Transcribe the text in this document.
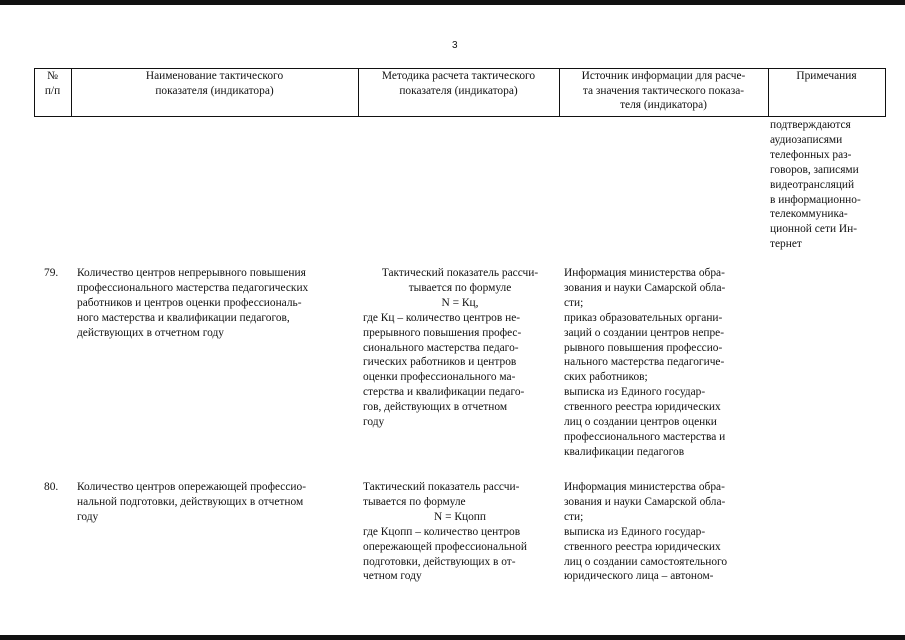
3
№
п/п
Наименование тактического
показателя (индикатора)
Методика расчета тактического
показателя (индикатора)
Источник информации для расче-
та значения тактического показа-
теля (индикатора)
Примечания
подтверждаются
аудиозаписями
телефонных раз-
говоров, записями
видеотрансляций
в информационно-
телекоммуника-
ционной сети Ин-
тернет
79. Количество центров непрерывного повышения
профессионального мастерства педагогических
работников и центров оценки профессиональ-
ного мастерства и квалификации педагогов,
действующих в отчетном году
Тактический показатель рассчи-
тывается по формуле
N = Кц,
где Кц – количество центров не-
прерывного повышения профес-
сионального мастерства педаго-
гических работников и центров
оценки профессионального ма-
стерства и квалификации педаго-
гов, действующих в отчетном
году
Информация министерства обра-
зования и науки Самарской обла-
сти;
приказ образовательных органи-
заций о создании центров непре-
рывного повышения профессио-
нального мастерства педагогиче-
ских работников;
выписка из Единого государ-
ственного реестра юридических
лиц о создании центров оценки
профессионального мастерства и
квалификации педагогов
80. Количество центров опережающей профессио-
нальной подготовки, действующих в отчетном
году
Тактический показатель рассчи-
тывается по формуле
N = Кцопп
где Кцопп – количество центров
опережающей профессиональной
подготовки, действующих в от-
четном году
Информация министерства обра-
зования и науки Самарской обла-
сти;
выписка из Единого государ-
ственного реестра юридических
лиц о создании самостоятельного
юридического лица – автоном-
